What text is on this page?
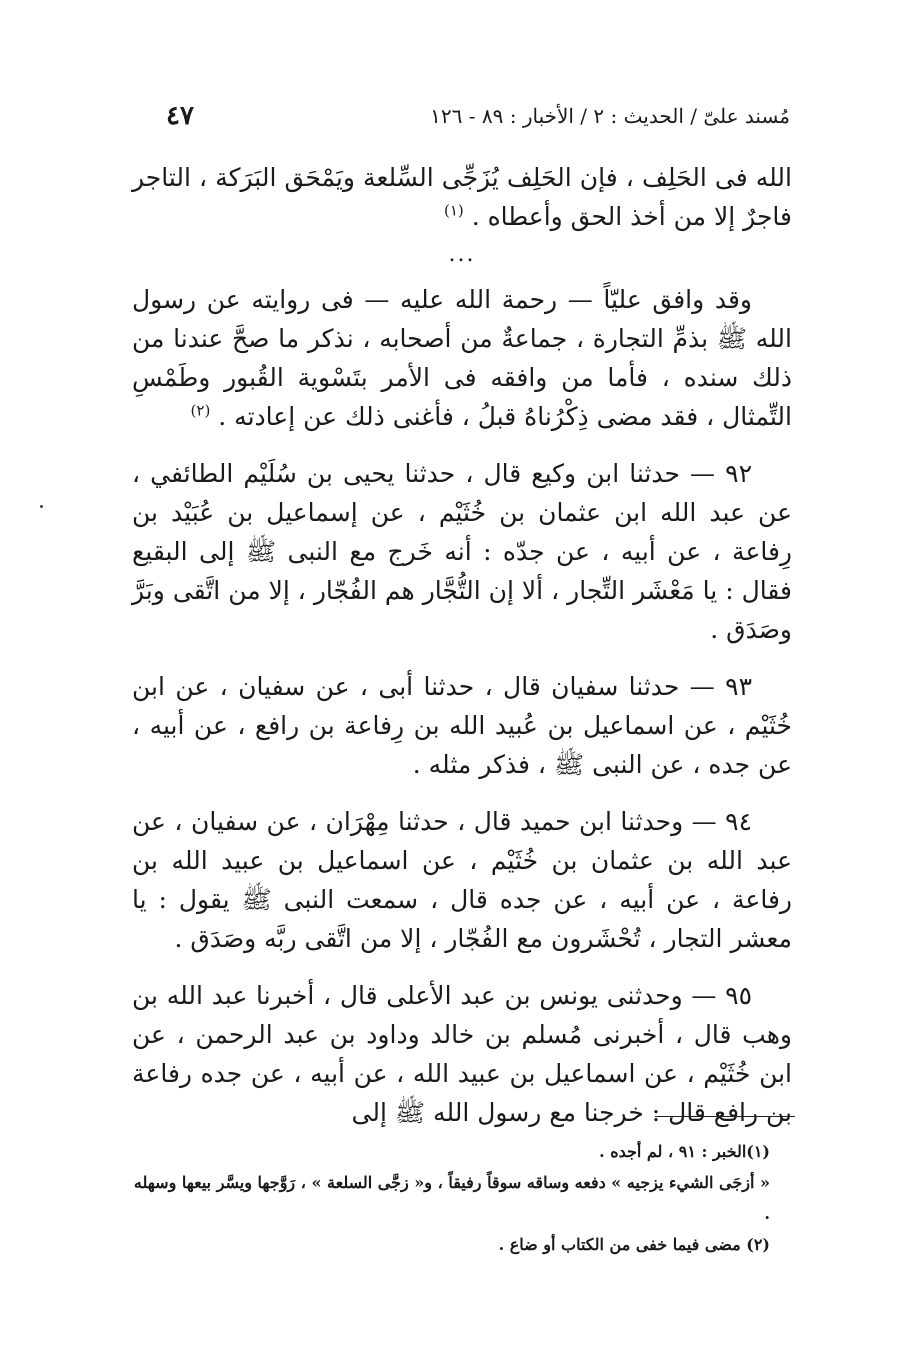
مُسند علىّ / الحديث : ٢ / الأخبار : ٨٩ - ١٢٦
٤٧

الله فى الحَلِف ، فإن الحَلِف يُزَجِّى السِّلعة ويَمْحَق البَرَكة ، التاجر فاجرٌ إلا من أخذ الحق وأعطاه . $^{(١)}$

...

وقد وافق عليّاً — رحمة الله عليه — فى روايته عن رسول الله ﷺ بذمِّ التجارة ، جماعةٌ من أصحابه ، نذكر ما صحَّ عندنا من ذلك سنده ، فأما من وافقه فى الأمر بتَسْوية القُبور وطَمْسِ التِّمثال ، فقد مضى ذِكْرُناهُ قبلُ ، فأغنى ذلك عن إعادته . $^{(٢)}$

٩٢ — حدثنا ابن وكيع قال ، حدثنا يحيى بن سُلَيْم الطائفي ، عن عبد الله ابن عثمان بن خُثَيْم ، عن إسماعيل بن عُبَيْد بن رِفاعة ، عن أبيه ، عن جدّه : أنه خَرج مع النبى ﷺ إلى البقيع فقال : يا مَعْشَر التِّجار ، ألا إن التُّجَّار هم الفُجّار ، إلا من اتَّقى وبَرَّ وصَدَق .

٩٣ — حدثنا سفيان قال ، حدثنا أبى ، عن سفيان ، عن ابن خُثَيْم ، عن اسماعيل بن عُبيد الله بن رِفاعة بن رافع ، عن أبيه ، عن جده ، عن النبى ﷺ ، فذكر مثله .

٩٤ — وحدثنا ابن حميد قال ، حدثنا مِهْرَان ، عن سفيان ، عن عبد الله بن عثمان بن خُثَيْم ، عن اسماعيل بن عبيد الله بن رفاعة ، عن أبيه ، عن جده قال ، سمعت النبى ﷺ يقول : يا معشر التجار ، تُحْشَرون مع الفُجّار ، إلا من اتَّقى ربَّه وصَدَق .

٩٥ — وحدثنى يونس بن عبد الأعلى قال ، أخبرنا عبد الله بن وهب قال ، أخبرنى مُسلم بن خالد وداود بن عبد الرحمن ، عن ابن خُثَيْم ، عن اسماعيل بن عبيد الله ، عن أبيه ، عن جده رفاعة بن رافع قال : خرجنا مع رسول الله ﷺ إلى

(١)الخبر : ٩١ ، لم أجده .

« أزجَى الشيء يزجيه » دفعه وساقه سوقاً رفيقاً ، و« زجَّى السلعة » ، رَوَّجها ويسَّر بيعها وسهله .

(٢) مضى فيما خفى من الكتاب أو ضاع .
